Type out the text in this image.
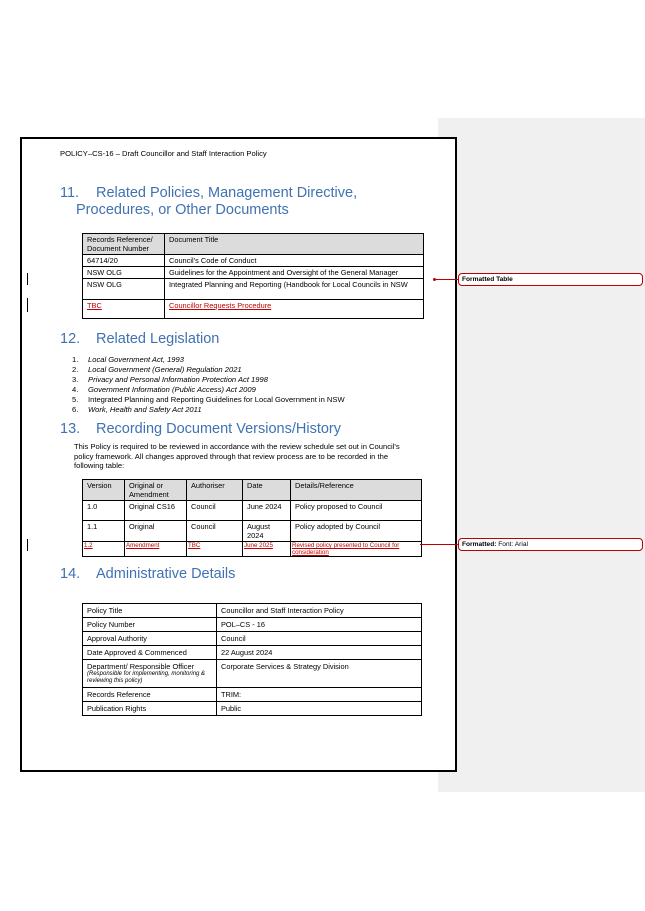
POLICY–CS-16 – Draft Councillor and Staff Interaction Policy
11. Related Policies, Management Directive,
Procedures, or Other Documents
Records Reference/ Document Number	Document Title
64714/20	Council’s Code of Conduct
NSW OLG	Guidelines for the Appointment and Oversight of the General Manager
NSW OLG	Integrated Planning and Reporting (Handbook for Local Councils in NSW
TBC	Councillor Requests Procedure
12. Related Legislation
1. Local Government Act, 1993
2. Local Government (General) Regulation 2021
3. Privacy and Personal Information Protection Act 1998
4. Government Information (Public Access) Act 2009
5. Integrated Planning and Reporting Guidelines for Local Government in NSW
6. Work, Health and Safety Act 2011
13. Recording Document Versions/History
This Policy is required to be reviewed in accordance with the review schedule set out in Council's policy framework. All changes approved through that review process are to be recorded in the following table:
Version	Original or Amendment	Authoriser	Date	Details/Reference
1.0	Original CS16	Council	June 2024	Policy proposed to Council
1.1	Original	Council	August 2024	Policy adopted by Council
1.2	Amendment	TBC	June 2025	Revised policy presented to Council for consideration
14. Administrative Details
Policy Title	Councillor and Staff Interaction Policy
Policy Number	POL–CS - 16
Approval Authority	Council
Date Approved & Commenced	22 August 2024
Department/ Responsible Officer
(Responsible for implementing, monitoring & reviewing this policy)	Corporate Services & Strategy Division
Records Reference	TRIM:
Publication Rights	Public
Formatted Table
Formatted: Font: Arial
